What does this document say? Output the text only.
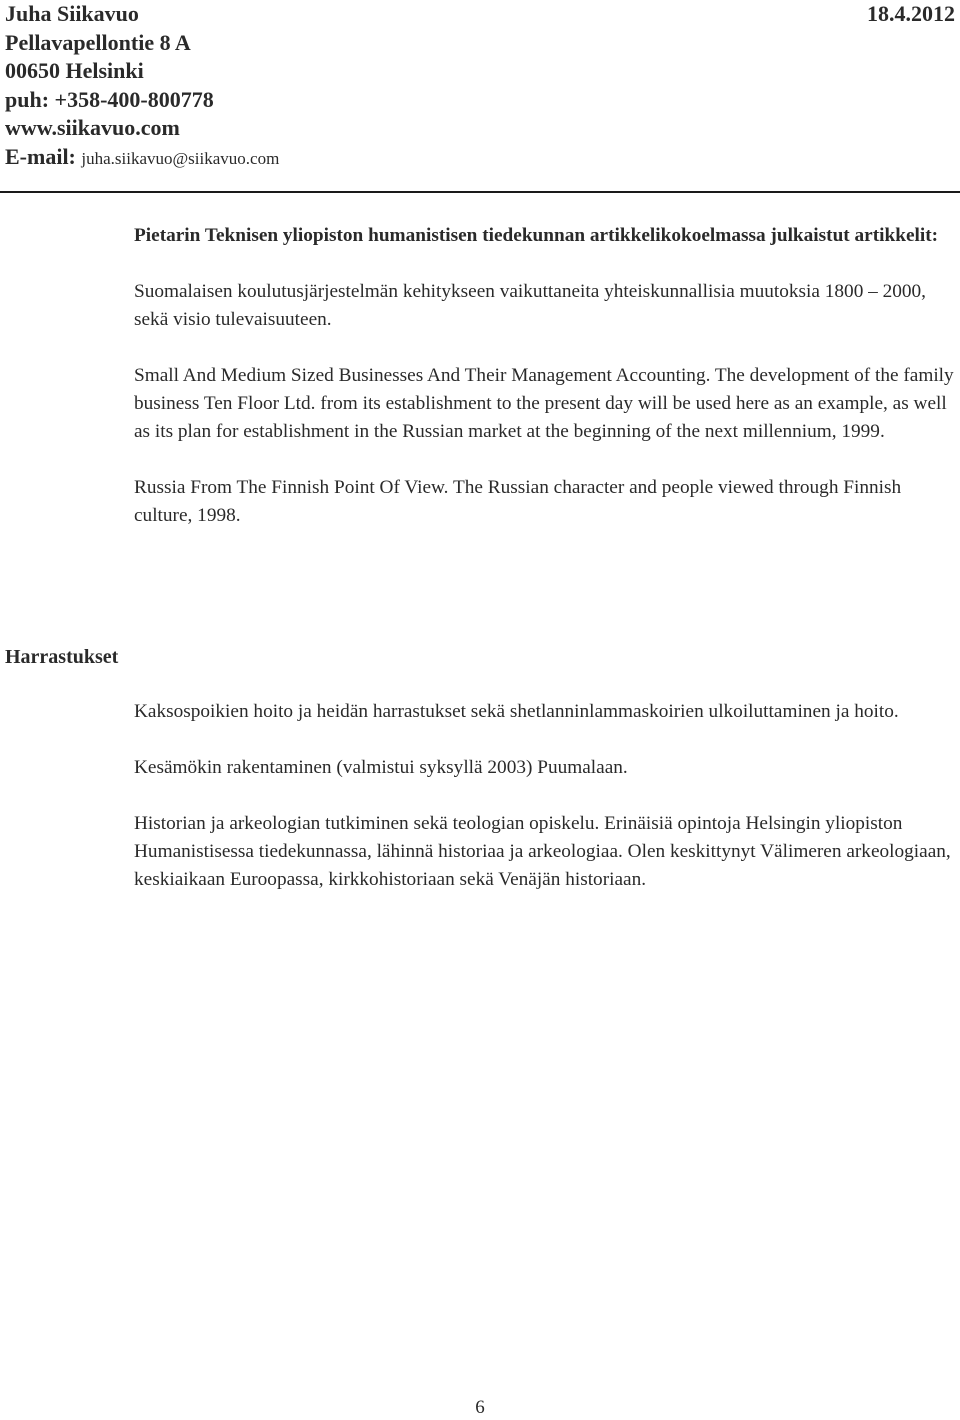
Juha Siikavuo	18.4.2012
Pellavapellontie 8 A
00650 Helsinki
puh: +358-400-800778
www.siikavuo.com
E-mail: juha.siikavuo@siikavuo.com

Pietarin Teknisen yliopiston humanistisen tiedekunnan artikkelikokoelmassa julkaistut artikkelit:

Suomalaisen koulutusjärjestelmän kehitykseen vaikuttaneita yhteiskunnallisia muutoksia 1800 – 2000, sekä visio tulevaisuuteen.

Small And Medium Sized Businesses And Their Management Accounting. The development of the family business Ten Floor Ltd. from its establishment to the present day will be used here as an example, as well as its plan for establishment in the Russian market at the beginning of the next millennium, 1999.

Russia From The Finnish Point Of View. The Russian character and people viewed through Finnish culture, 1998.

Harrastukset

Kaksospoikien hoito ja heidän harrastukset sekä shetlanninlammaskoirien ulkoiluttaminen ja hoito.

Kesämökin rakentaminen (valmistui syksyllä 2003) Puumalaan.

Historian ja arkeologian tutkiminen sekä teologian opiskelu. Erinäisiä opintoja Helsingin yliopiston Humanistisessa tiedekunnassa, lähinnä historiaa ja arkeologiaa. Olen keskittynyt Välimeren arkeologiaan, keskiaikaan Euroopassa, kirkkohistoriaan sekä Venäjän historiaan.

6
